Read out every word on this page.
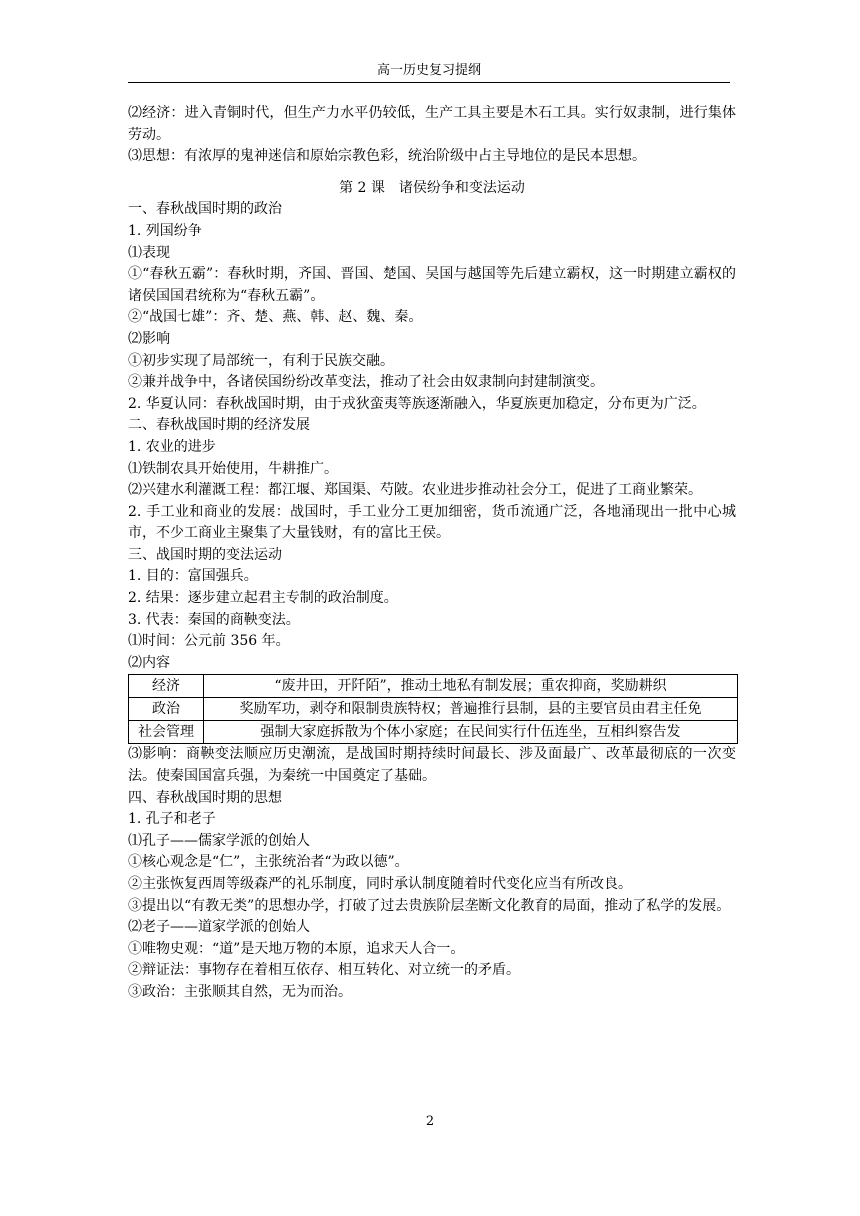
高一历史复习提纲

⑵经济：进入青铜时代，但生产力水平仍较低，生产工具主要是木石工具。实行奴隶制，进行集体劳动。

⑶思想：有浓厚的鬼神迷信和原始宗教色彩，统治阶级中占主导地位的是民本思想。

第 2 课　诸侯纷争和变法运动

一、春秋战国时期的政治

1. 列国纷争

⑴表现

①“春秋五霸”：春秋时期，齐国、晋国、楚国、吴国与越国等先后建立霸权，这一时期建立霸权的诸侯国国君统称为“春秋五霸”。

②“战国七雄”：齐、楚、燕、韩、赵、魏、秦。

⑵影响

①初步实现了局部统一，有利于民族交融。

②兼并战争中，各诸侯国纷纷改革变法，推动了社会由奴隶制向封建制演变。

2. 华夏认同：春秋战国时期，由于戎狄蛮夷等族逐渐融入，华夏族更加稳定，分布更为广泛。

二、春秋战国时期的经济发展

1. 农业的进步

⑴铁制农具开始使用，牛耕推广。

⑵兴建水利灌溉工程：都江堰、郑国渠、芍陂。农业进步推动社会分工，促进了工商业繁荣。

2. 手工业和商业的发展：战国时，手工业分工更加细密，货币流通广泛，各地涌现出一批中心城市，不少工商业主聚集了大量钱财，有的富比王侯。

三、战国时期的变法运动

1. 目的：富国强兵。

2. 结果：逐步建立起君主专制的政治制度。

3. 代表：秦国的商鞅变法。

⑴时间：公元前 356 年。

⑵内容

经济	“废井田，开阡陌”，推动土地私有制发展；重农抑商，奖励耕织
政治	奖励军功，剥夺和限制贵族特权；普遍推行县制，县的主要官员由君主任免
社会管理	强制大家庭拆散为个体小家庭；在民间实行什伍连坐，互相纠察告发

⑶影响：商鞅变法顺应历史潮流，是战国时期持续时间最长、涉及面最广、改革最彻底的一次变法。使秦国国富兵强，为秦统一中国奠定了基础。

四、春秋战国时期的思想

1. 孔子和老子

⑴孔子——儒家学派的创始人

①核心观念是“仁”，主张统治者“为政以德”。

②主张恢复西周等级森严的礼乐制度，同时承认制度随着时代变化应当有所改良。

③提出以“有教无类”的思想办学，打破了过去贵族阶层垄断文化教育的局面，推动了私学的发展。

⑵老子——道家学派的创始人

①唯物史观：“道”是天地万物的本原，追求天人合一。

②辩证法：事物存在着相互依存、相互转化、对立统一的矛盾。

③政治：主张顺其自然，无为而治。

2
